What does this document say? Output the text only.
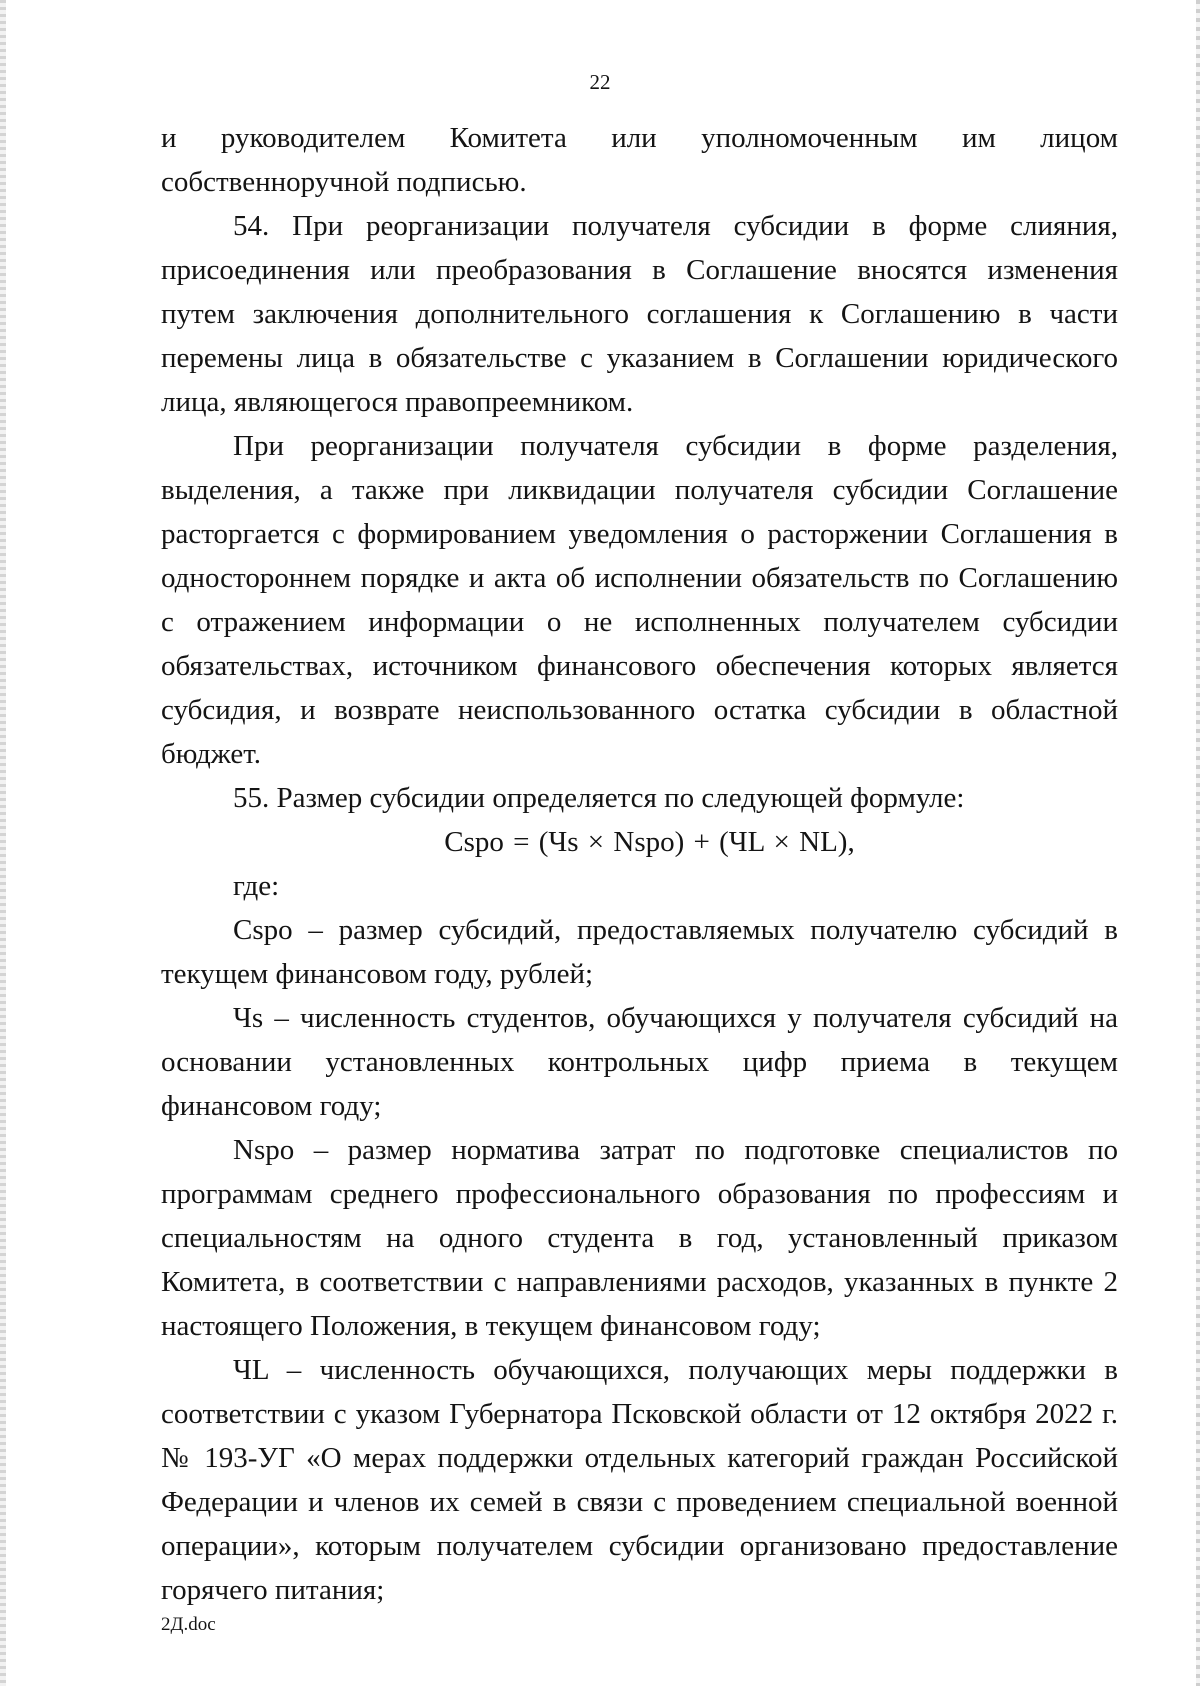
22

и руководителем Комитета или уполномоченным им лицом собственноручной подписью.

54. При реорганизации получателя субсидии в форме слияния, присоединения или преобразования в Соглашение вносятся изменения путем заключения дополнительного соглашения к Соглашению в части перемены лица в обязательстве с указанием в Соглашении юридического лица, являющегося правопреемником.

При реорганизации получателя субсидии в форме разделения, выделения, а также при ликвидации получателя субсидии Соглашение расторгается с формированием уведомления о расторжении Соглашения в одностороннем порядке и акта об исполнении обязательств по Соглашению с отражением информации о не исполненных получателем субсидии обязательствах, источником финансового обеспечения которых является субсидия, и возврате неиспользованного остатка субсидии в областной бюджет.

55. Размер субсидии определяется по следующей формуле:

Cspo = (Чs × Nspo) + (ЧL × NL),

где:

Cspo – размер субсидий, предоставляемых получателю субсидий в текущем финансовом году, рублей;

Чs – численность студентов, обучающихся у получателя субсидий на основании установленных контрольных цифр приема в текущем финансовом году;

Nspo – размер норматива затрат по подготовке специалистов по программам среднего профессионального образования по профессиям и специальностям на одного студента в год, установленный приказом Комитета, в соответствии с направлениями расходов, указанных в пункте 2 настоящего Положения, в текущем финансовом году;

ЧL – численность обучающихся, получающих меры поддержки в соответствии с указом Губернатора Псковской области от 12 октября 2022 г. № 193-УГ «О мерах поддержки отдельных категорий граждан Российской Федерации и членов их семей в связи с проведением специальной военной операции», которым получателем субсидии организовано предоставление горячего питания;

2Д.doc
